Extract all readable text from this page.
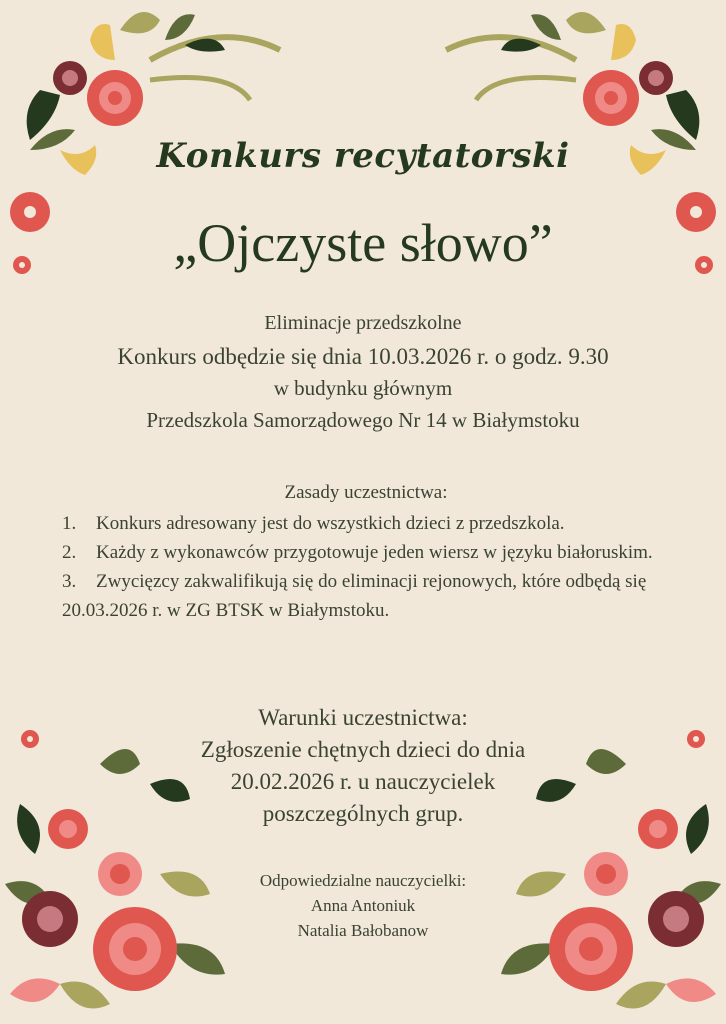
Konkurs recytatorski
„Ojczyste słowo”
Eliminacje przedszkolne
Konkurs odbędzie się dnia 10.03.2026 r. o godz. 9.30
w budynku głównym
Przedszkola Samorządowego Nr 14 w Białymstoku
Zasady uczestnictwa:

1. Konkurs adresowany jest do wszystkich dzieci z przedszkola.

2. Każdy z wykonawców przygotowuje jeden wiersz w języku białoruskim.

3. Zwycięzcy zakwalifikują się do eliminacji rejonowych, które odbędą się 20.03.2026 r. w ZG BTSK w Białymstoku.

Warunki uczestnictwa:
Zgłoszenie chętnych dzieci do dnia
20.02.2026 r. u nauczycielek
poszczególnych grup.
Odpowiedzialne nauczycielki:
Anna Antoniuk
Natalia Bałobanow
